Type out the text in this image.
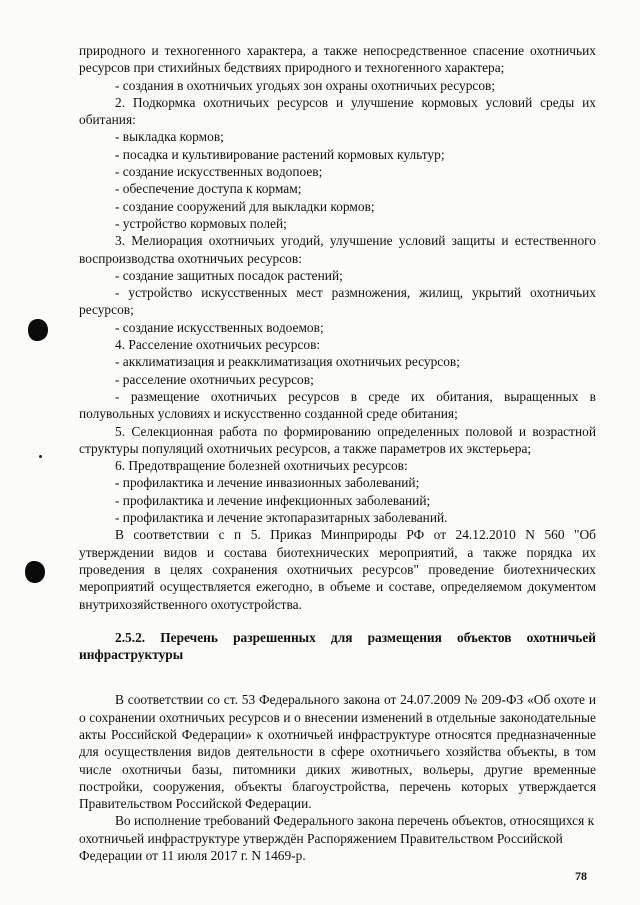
природного и техногенного характера, а также непосредственное спасение охотничьих ресурсов при стихийных бедствиях природного и техногенного характера;

- создания в охотничьих угодьях зон охраны охотничьих ресурсов;

2. Подкормка охотничьих ресурсов и улучшение кормовых условий среды их обитания:

- выкладка кормов;

- посадка и культивирование растений кормовых культур;

- создание искусственных водопоев;

- обеспечение доступа к кормам;

- создание сооружений для выкладки кормов;

- устройство кормовых полей;

3. Мелиорация охотничьих угодий, улучшение условий защиты и естественного воспроизводства охотничьих ресурсов:

- создание защитных посадок растений;

- устройство искусственных мест размножения, жилищ, укрытий охотничьих ресурсов;

- создание искусственных водоемов;

4. Расселение охотничьих ресурсов:

- акклиматизация и реакклиматизация охотничьих ресурсов;

- расселение охотничьих ресурсов;

- размещение охотничьих ресурсов в среде их обитания, выращенных в полувольных условиях и искусственно созданной среде обитания;

5. Селекционная работа по формированию определенных половой и возрастной структуры популяций охотничьих ресурсов, а также параметров их экстерьера;

6. Предотвращение болезней охотничьих ресурсов:

- профилактика и лечение инвазионных заболеваний;

- профилактика и лечение инфекционных заболеваний;

- профилактика и лечение эктопаразитарных заболеваний.

В соответствии с п 5. Приказ Минприроды РФ от 24.12.2010 N 560 "Об утверждении видов и состава биотехнических мероприятий, а также порядка их проведения в целях сохранения охотничьих ресурсов" проведение биотехнических мероприятий осуществляется ежегодно, в объеме и составе, определяемом документом внутрихозяйственного охотустройства.

2.5.2. Перечень разрешенных для размещения объектов охотничьей инфраструктуры

В соответствии со ст. 53 Федерального закона от 24.07.2009 № 209-ФЗ «Об охоте и о сохранении охотничьих ресурсов и о внесении изменений в отдельные законодательные акты Российской Федерации» к охотничьей инфраструктуре относятся предназначенные для осуществления видов деятельности в сфере охотничьего хозяйства объекты, в том числе охотничьи базы, питомники диких животных, вольеры, другие временные постройки, сооружения, объекты благоустройства, перечень которых утверждается Правительством Российской Федерации.

Во исполнение требований Федерального закона перечень объектов, относящихся к охотничьей инфраструктуре утверждён Распоряжением Правительством Российской Федерации от 11 июля 2017 г. N 1469-р.

78
